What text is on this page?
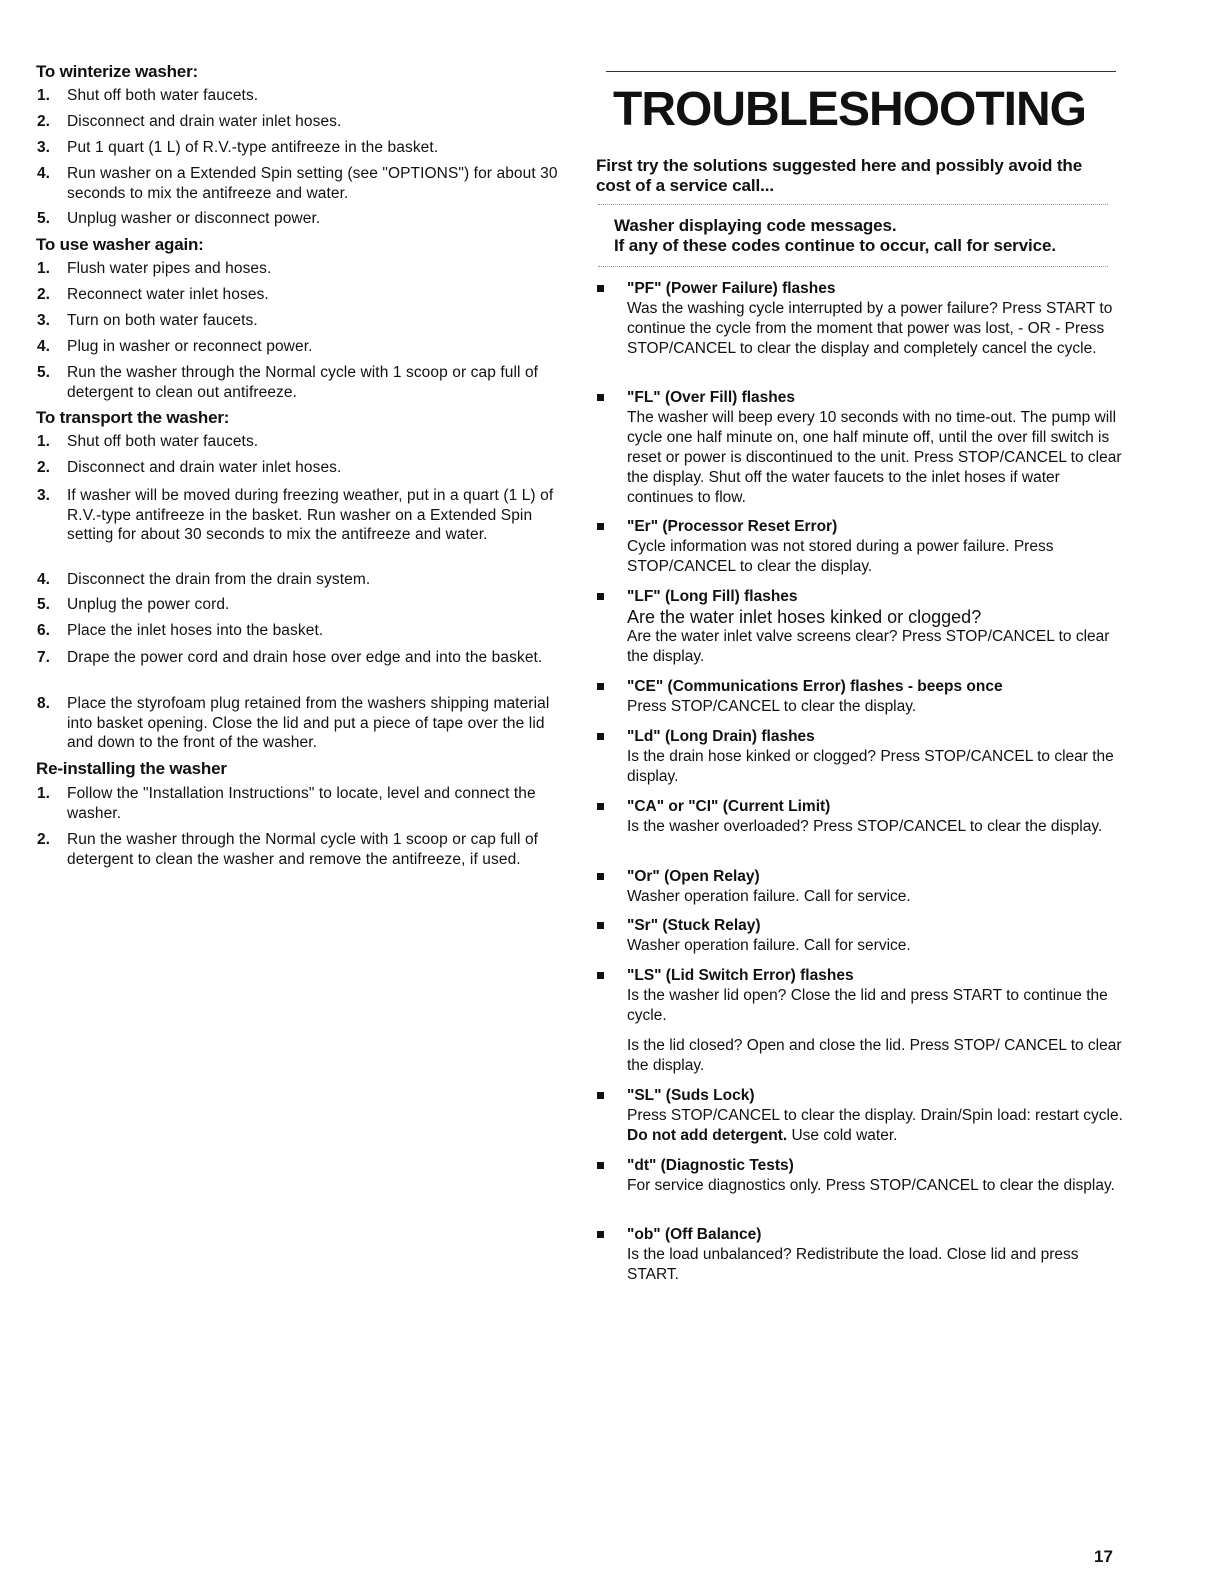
To winterize washer:
1. Shut off both water faucets.
2. Disconnect and drain water inlet hoses.
3. Put 1 quart (1 L) of R.V.-type antifreeze in the basket.
4. Run washer on a Extended Spin setting (see "OPTIONS") for about 30 seconds to mix the antifreeze and water.
5. Unplug washer or disconnect power.
To use washer again:
1. Flush water pipes and hoses.
2. Reconnect water inlet hoses.
3. Turn on both water faucets.
4. Plug in washer or reconnect power.
5. Run the washer through the Normal cycle with 1 scoop or cap full of detergent to clean out antifreeze.
To transport the washer:
1. Shut off both water faucets.
2. Disconnect and drain water inlet hoses.
3. If washer will be moved during freezing weather, put in a quart (1 L) of R.V.-type antifreeze in the basket. Run washer on a Extended Spin setting for about 30 seconds to mix the antifreeze and water.
4. Disconnect the drain from the drain system.
5. Unplug the power cord.
6. Place the inlet hoses into the basket.
7. Drape the power cord and drain hose over edge and into the basket.
8. Place the styrofoam plug retained from the washers shipping material into basket opening. Close the lid and put a piece of tape over the lid and down to the front of the washer.
Re-installing the washer
1. Follow the "Installation Instructions" to locate, level and connect the washer.
2. Run the washer through the Normal cycle with 1 scoop or cap full of detergent to clean the washer and remove the antifreeze, if used.
TROUBLESHOOTING
First try the solutions suggested here and possibly avoid the cost of a service call...
Washer displaying code messages.
If any of these codes continue to occur, call for service.
"PF" (Power Failure) flashes
Was the washing cycle interrupted by a power failure? Press START to continue the cycle from the moment that power was lost, - OR - Press STOP/CANCEL to clear the display and completely cancel the cycle.
"FL" (Over Fill) flashes
The washer will beep every 10 seconds with no time-out. The pump will cycle one half minute on, one half minute off, until the over fill switch is reset or power is discontinued to the unit. Press STOP/CANCEL to clear the display. Shut off the water faucets to the inlet hoses if water continues to flow.
"Er" (Processor Reset Error)
Cycle information was not stored during a power failure. Press STOP/CANCEL to clear the display.
"LF" (Long Fill) flashes
Are the water inlet hoses kinked or clogged?
Are the water inlet valve screens clear? Press STOP/CANCEL to clear the display.
"CE" (Communications Error) flashes - beeps once
Press STOP/CANCEL to clear the display.
"Ld" (Long Drain) flashes
Is the drain hose kinked or clogged? Press STOP/CANCEL to clear the display.
"CA" or "CI" (Current Limit)
Is the washer overloaded? Press STOP/CANCEL to clear the display.
"Or" (Open Relay)
Washer operation failure. Call for service.
"Sr" (Stuck Relay)
Washer operation failure. Call for service.
"LS" (Lid Switch Error) flashes
Is the washer lid open? Close the lid and press START to continue the cycle.
Is the lid closed? Open and close the lid. Press STOP/ CANCEL to clear the display.
"SL" (Suds Lock)
Press STOP/CANCEL to clear the display. Drain/Spin load: restart cycle. Do not add detergent. Use cold water.
"dt" (Diagnostic Tests)
For service diagnostics only. Press STOP/CANCEL to clear the display.
"ob" (Off Balance)
Is the load unbalanced? Redistribute the load. Close lid and press START.
17
